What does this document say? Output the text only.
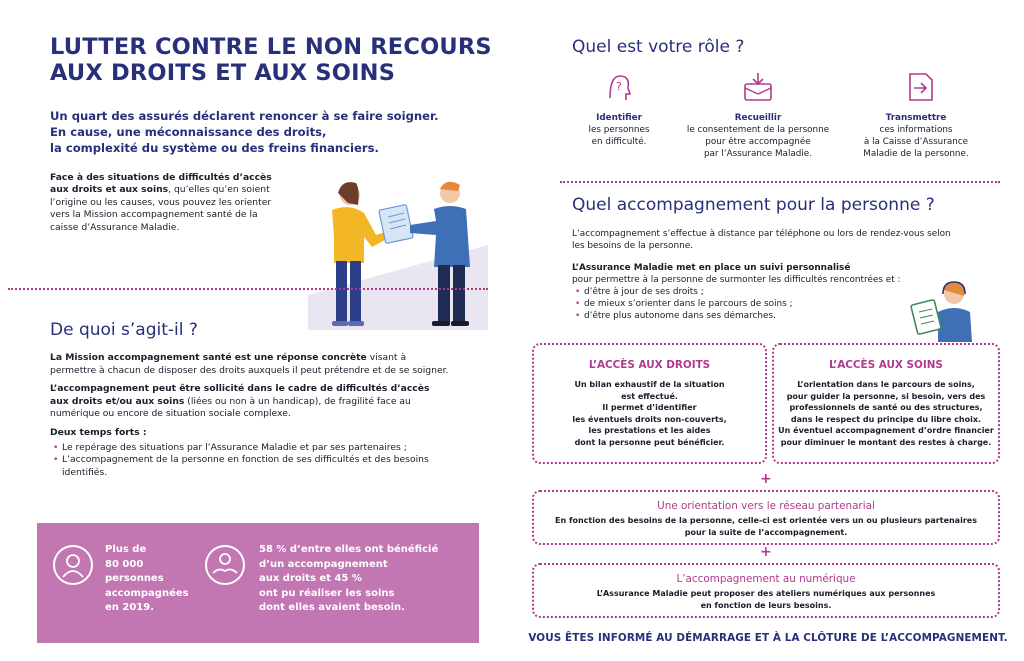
LUTTER CONTRE LE NON RECOURS
AUX DROITS ET AUX SOINS
Un quart des assurés déclarent renoncer à se faire soigner.
En cause, une méconnaissance des droits,
la complexité du système ou des freins financiers.
Face à des situations de difficultés d’accès aux droits et aux soins, qu’elles qu’en soient l’origine ou les causes, vous pouvez les orienter vers la Mission accompagnement santé de la caisse d’Assurance Maladie.
De quoi s’agit-il ?

La Mission accompagnement santé est une réponse concrète visant à permettre à chacun de disposer des droits auxquels il peut prétendre et de se soigner.

L’accompagnement peut être sollicité dans le cadre de difficultés d’accès aux droits et/ou aux soins (liées ou non à un handicap), de fragilité face au numérique ou encore de situation sociale complexe.

Deux temps forts :
• Le repérage des situations par l’Assurance Maladie et par ses partenaires ;
• L’accompagnement de la personne en fonction de ses difficultés et des besoins identifiés.
Plus de
80 000
personnes
accompagnées
en 2019.
58 % d’entre elles ont bénéficié
d’un accompagnement
aux droits et 45 %
ont pu réaliser les soins
dont elles avaient besoin.
Quel est votre rôle ?
?
Identifier
les personnes
en difficulté.
Recueillir
le consentement de la personne
pour être accompagnée
par l’Assurance Maladie.
Transmettre
ces informations
à la Caisse d’Assurance
Maladie de la personne.
Quel accompagnement pour la personne ?
L’accompagnement s’effectue à distance par téléphone ou lors de rendez-vous selon les besoins de la personne.
L’Assurance Maladie met en place un suivi personnalisé
pour permettre à la personne de surmonter les difficultés rencontrées et :
• d’être à jour de ses droits ;
• de mieux s’orienter dans le parcours de soins ;
• d’être plus autonome dans ses démarches.
L’ACCÈS AUX DROITS
Un bilan exhaustif de la situation
est effectué.
Il permet d’identifier
les éventuels droits non-couverts,
les prestations et les aides
dont la personne peut bénéficier.
L’ACCÈS AUX SOINS
L’orientation dans le parcours de soins,
pour guider la personne, si besoin, vers des
professionnels de santé ou des structures,
dans le respect du principe du libre choix.
Un éventuel accompagnement d’ordre financier
pour diminuer le montant des restes à charge.
+
Une orientation vers le réseau partenarial
En fonction des besoins de la personne, celle-ci est orientée vers un ou plusieurs partenaires
pour la suite de l’accompagnement.
+
L’accompagnement au numérique
L’Assurance Maladie peut proposer des ateliers numériques aux personnes
en fonction de leurs besoins.
VOUS ÊTES INFORMÉ AU DÉMARRAGE ET À LA CLÔTURE DE L’ACCOMPAGNEMENT.
